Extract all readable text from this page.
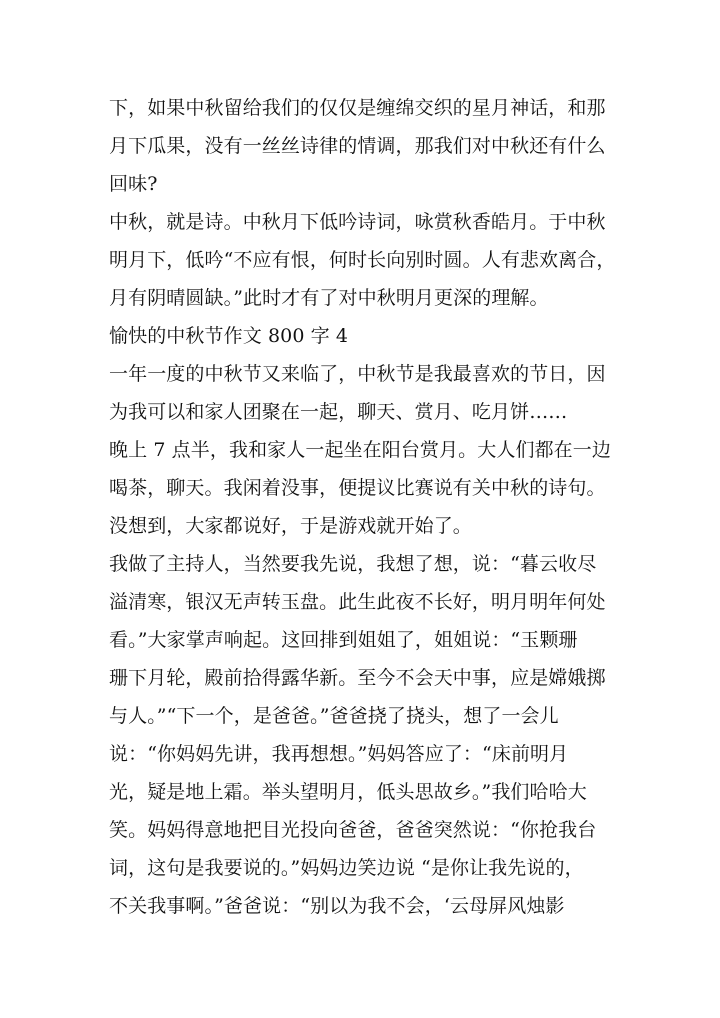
下，如果中秋留给我们的仅仅是缠绵交织的星月神话，和那
月下瓜果，没有一丝丝诗律的情调，那我们对中秋还有什么
回味?
中秋，就是诗。中秋月下低吟诗词，咏赏秋香皓月。于中秋
明月下，低吟“不应有恨，何时长向别时圆。人有悲欢离合，
月有阴晴圆缺。”此时才有了对中秋明月更深的理解。
愉快的中秋节作文 800 字 4
一年一度的中秋节又来临了，中秋节是我最喜欢的节日，因
为我可以和家人团聚在一起，聊天、赏月、吃月饼……
晚上 7 点半，我和家人一起坐在阳台赏月。大人们都在一边
喝茶，聊天。我闲着没事，便提议比赛说有关中秋的诗句。
没想到，大家都说好，于是游戏就开始了。
我做了主持人，当然要我先说，我想了想，说：“暮云收尽
溢清寒，银汉无声转玉盘。此生此夜不长好，明月明年何处
看。”大家掌声响起。这回排到姐姐了，姐姐说：“玉颗珊
珊下月轮，殿前拾得露华新。至今不会天中事，应是嫦娥掷
与人。”“下一个，是爸爸。”爸爸挠了挠头，想了一会儿
说：“你妈妈先讲，我再想想。”妈妈答应了：“床前明月
光，疑是地上霜。举头望明月，低头思故乡。”我们哈哈大
笑。妈妈得意地把目光投向爸爸，爸爸突然说：“你抢我台
词，这句是我要说的。”妈妈边笑边说 “是你让我先说的，
不关我事啊。”爸爸说：“别以为我不会，‘云母屏风烛影
